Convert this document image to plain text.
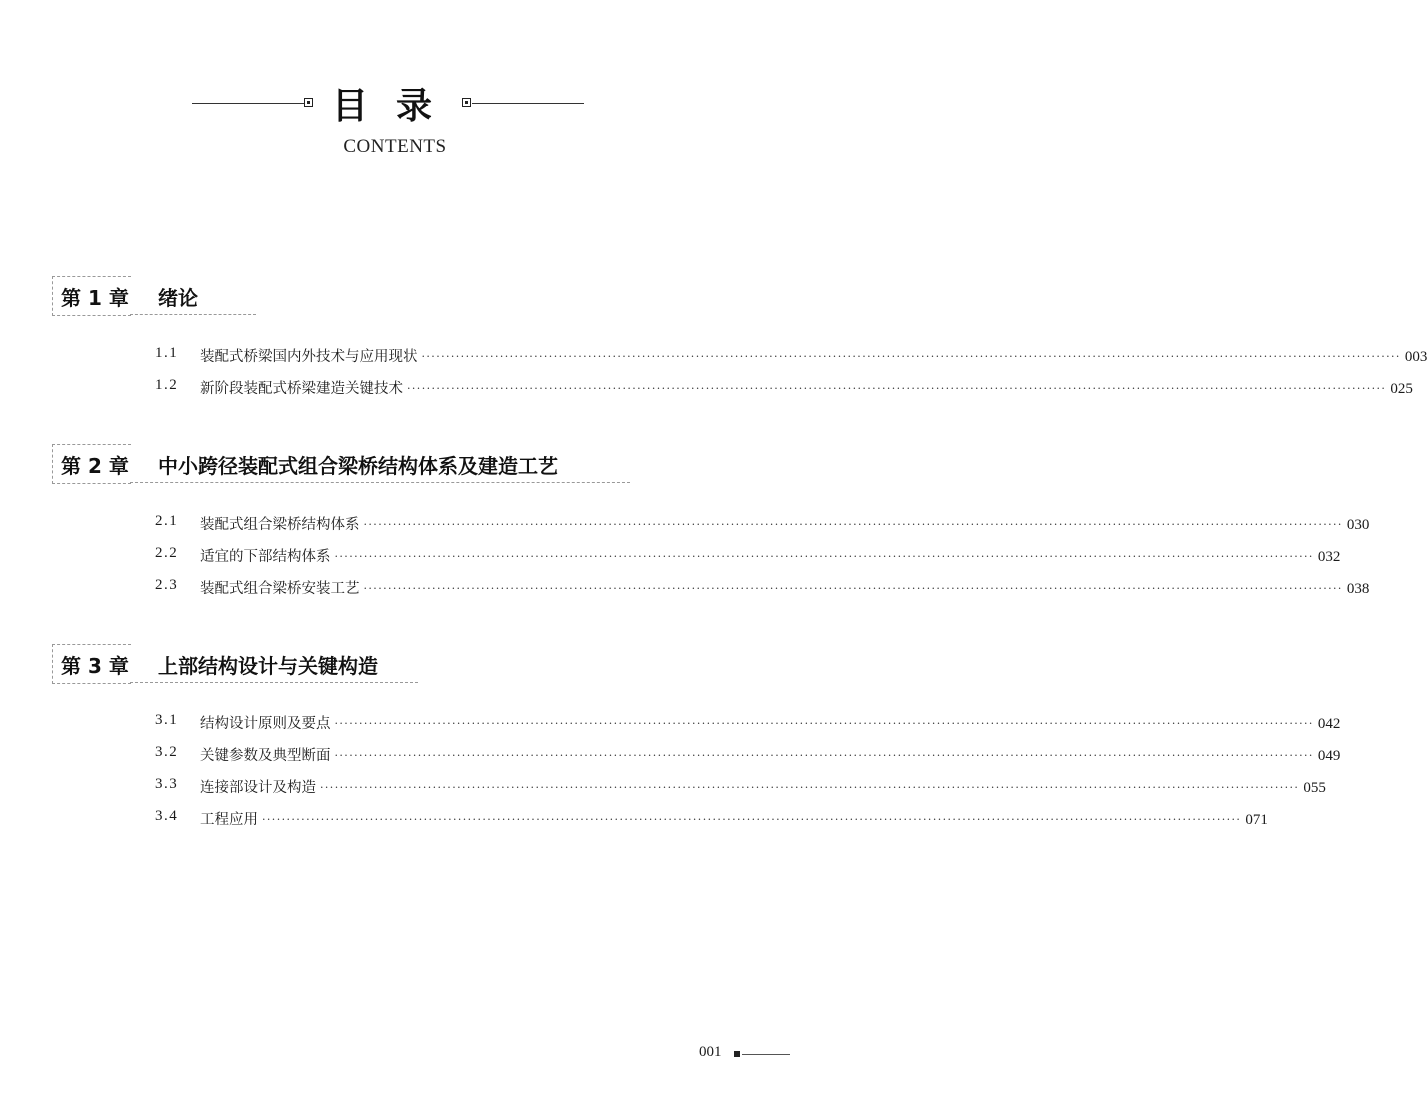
目录
CONTENTS
第 1 章 绪论
1.1 装配式桥梁国内外技术与应用现状 ········································································································································································································ 003
1.2 新阶段装配式桥梁建造关键技术 ········································································································································································································ 025
第 2 章 中小跨径装配式组合梁桥结构体系及建造工艺
2.1 装配式组合梁桥结构体系 ········································································································································································································ 030
2.2 适宜的下部结构体系 ········································································································································································································ 032
2.3 装配式组合梁桥安装工艺 ········································································································································································································ 038
第 3 章 上部结构设计与关键构造
3.1 结构设计原则及要点 ········································································································································································································ 042
3.2 关键参数及典型断面 ········································································································································································································ 049
3.3 连接部设计及构造 ········································································································································································································ 055
3.4 工程应用 ········································································································································································································ 071
001
